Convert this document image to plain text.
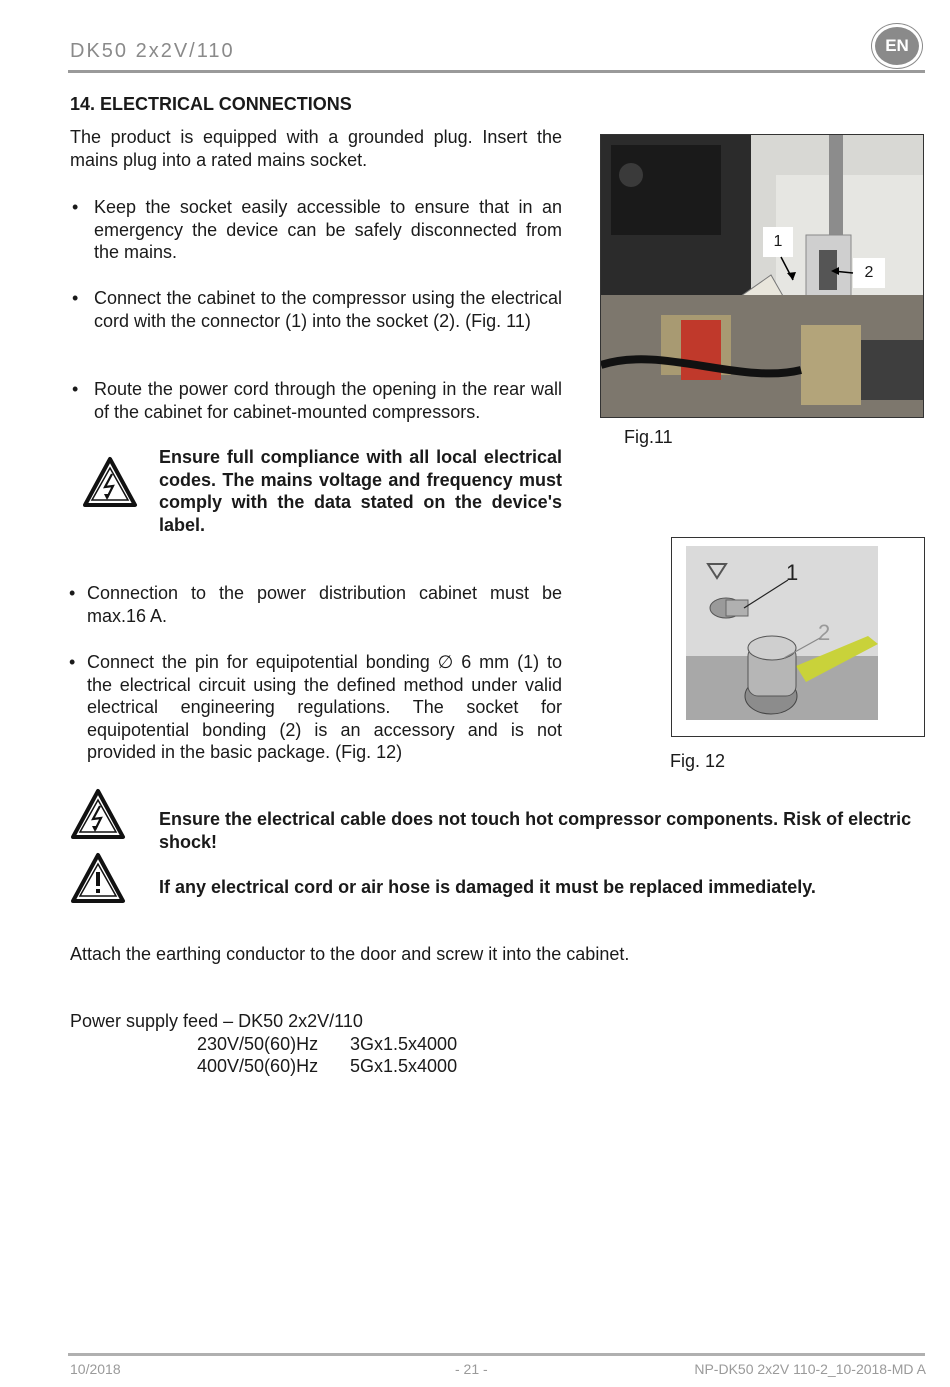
DK50 2x2V/110	EN
14. ELECTRICAL CONNECTIONS
The product is equipped with a grounded plug. Insert the mains plug into a rated mains socket.
• Keep the socket easily accessible to ensure that in an emergency the device can be safely disconnected from the mains.
• Connect the cabinet to the compressor using the electrical cord with the connector (1) into the socket (2). (Fig. 11)
• Route the power cord through the opening in the rear wall of the cabinet for cabinet-mounted compressors.
Ensure full compliance with all local electrical codes. The mains voltage and frequency must comply with the data stated on the device's label.
• Connection to the power distribution cabinet must be max.16 A.
• Connect the pin for equipotential bonding ∅ 6 mm (1) to the electrical circuit using the defined method under valid electrical engineering regulations. The socket for equipotential bonding (2) is an accessory and is not provided in the basic package. (Fig. 12)
1
2
Fig.11
1
2
Fig. 12
Ensure the electrical cable does not touch hot compressor components. Risk of electric shock!
If any electrical cord or air hose is damaged it must be replaced immediately.
Attach the earthing conductor to the door and screw it into the cabinet.
Power supply feed – DK50 2x2V/110
230V/50(60)Hz 3Gx1.5x4000
400V/50(60)Hz 5Gx1.5x4000
10/2018	- 21 -	NP-DK50 2x2V 110-2_10-2018-MD A
